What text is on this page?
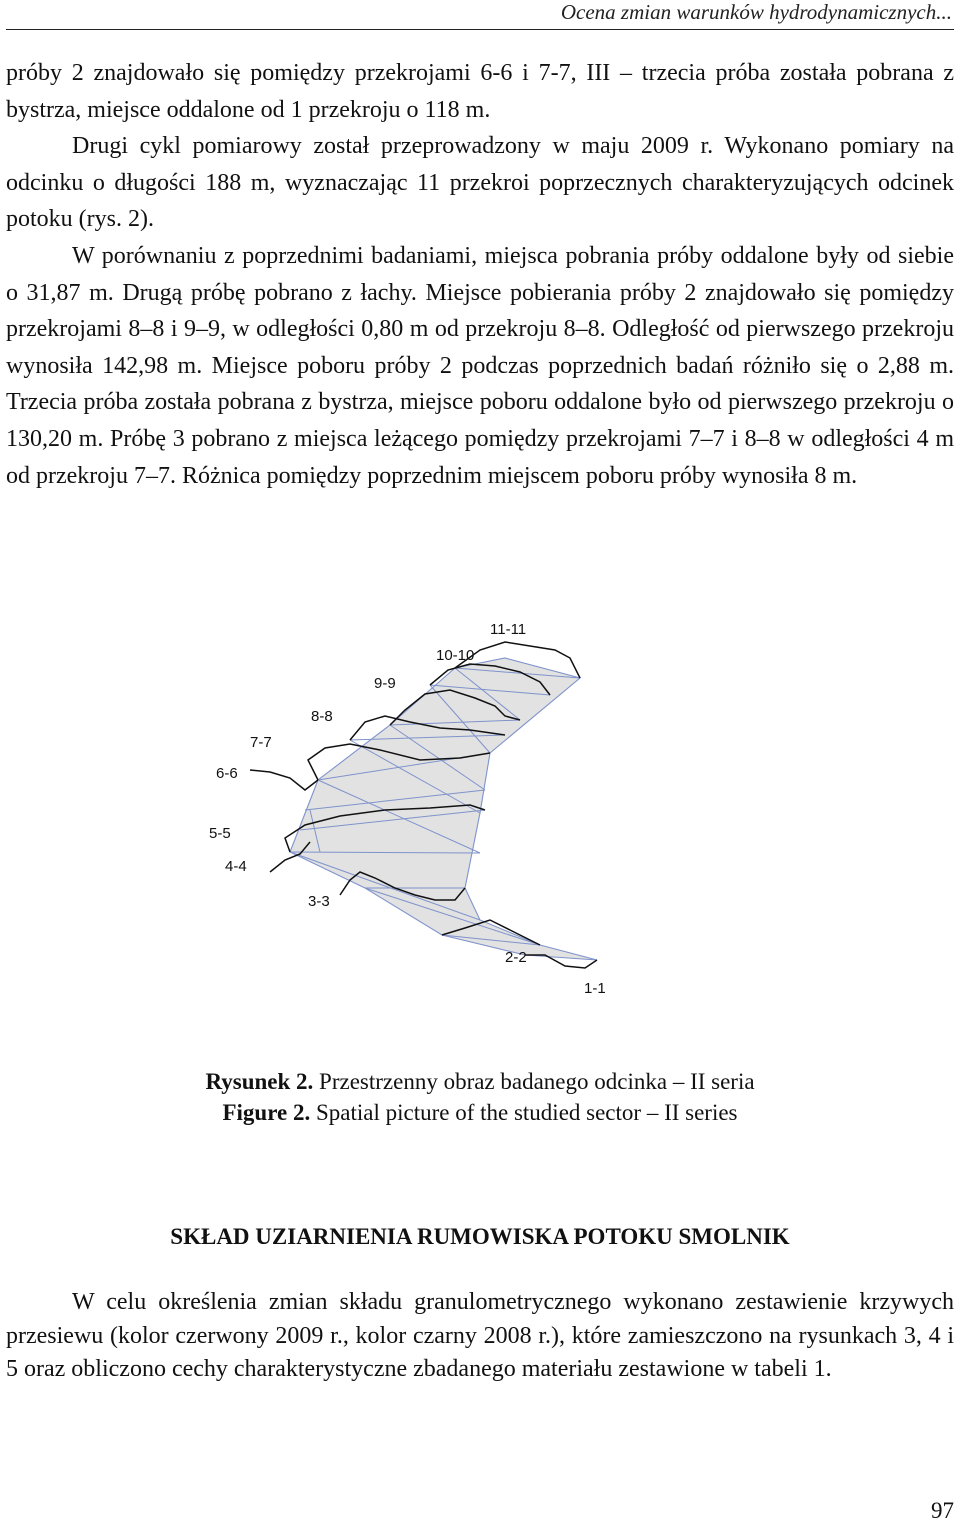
Ocena zmian warunków hydrodynamicznych...

próby 2 znajdowało się pomiędzy przekrojami 6-6 i 7-7, III – trzecia próba została pobrana z bystrza, miejsce oddalone od 1 przekroju o 118 m.

Drugi cykl pomiarowy został przeprowadzony w maju 2009 r. Wykonano pomiary na odcinku o długości 188 m, wyznaczając 11 przekroi poprzecznych charakteryzujących odcinek potoku (rys. 2).

W porównaniu z poprzednimi badaniami, miejsca pobrania próby oddalone były od siebie o 31,87 m. Drugą próbę pobrano z łachy. Miejsce pobierania próby 2 znajdowało się pomiędzy przekrojami 8–8 i 9–9, w odległości 0,80 m od przekroju 8–8. Odległość od pierwszego przekroju wynosiła 142,98 m. Miejsce poboru próby 2 podczas poprzednich badań różniło się o 2,88 m. Trzecia próba została pobrana z bystrza, miejsce poboru oddalone było od pierwszego przekroju o 130,20 m. Próbę 3 pobrano z miejsca leżącego pomiędzy przekrojami 7–7 i 8–8 w odległości 4 m od przekroju 7–7. Różnica pomiędzy poprzednim miejscem poboru próby wynosiła 8 m.

11-11
10-10
9-9
8-8
7-7
6-6
5-5
4-4
3-3
2-2
1-1
Rysunek 2. Przestrzenny obraz badanego odcinka – II seria
Figure 2. Spatial picture of the studied sector – II series
SKŁAD UZIARNIENIA RUMOWISKA POTOKU SMOLNIK

W celu określenia zmian składu granulometrycznego wykonano zestawienie krzywych przesiewu (kolor czerwony 2009 r., kolor czarny 2008 r.), które zamieszczono na rysunkach 3, 4 i 5 oraz obliczono cechy charakterystyczne zbadanego materiału zestawione w tabeli 1.

97
